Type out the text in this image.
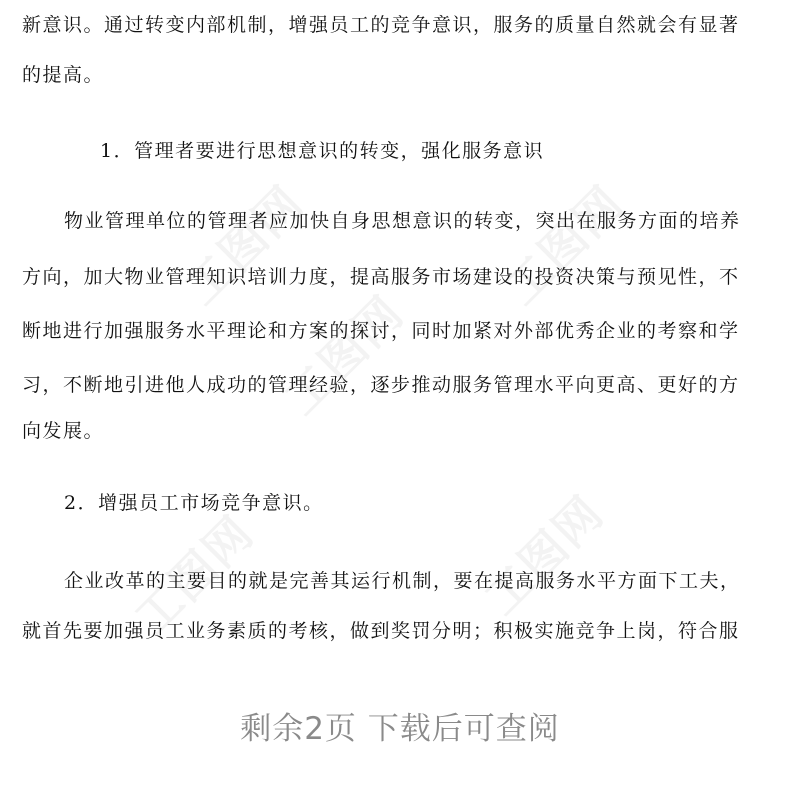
工图网	工图网
工图网
工图网
工图网
新意识。通过转变内部机制，增强员工的竞争意识，服务的质量自然就会有显著
的提高。
1．管理者要进行思想意识的转变，强化服务意识
物业管理单位的管理者应加快自身思想意识的转变，突出在服务方面的培养
方向，加大物业管理知识培训力度，提高服务市场建设的投资决策与预见性，不
断地进行加强服务水平理论和方案的探讨，同时加紧对外部优秀企业的考察和学
习，不断地引进他人成功的管理经验，逐步推动服务管理水平向更高、更好的方
向发展。
2．增强员工市场竞争意识。
企业改革的主要目的就是完善其运行机制，要在提高服务水平方面下工夫，
就首先要加强员工业务素质的考核，做到奖罚分明；积极实施竞争上岗，符合服
剩余2页 下载后可查阅
